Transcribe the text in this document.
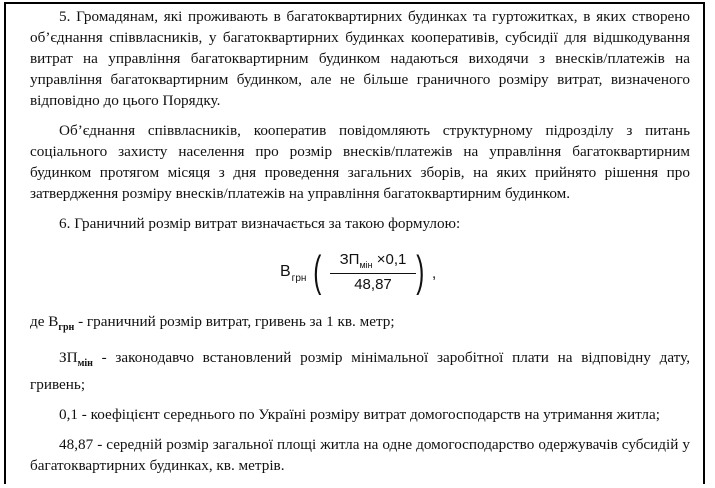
5. Громадянам, які проживають в багатоквартирних будинках та гуртожитках, в яких створено об’єднання співвласників, у багатоквартирних будинках кооперативів, субсидії для відшкодування витрат на управління багатоквартирним будинком надаються виходячи з внесків/платежів на управління багатоквартирним будинком, але не більше граничного розміру витрат, визначеного відповідно до цього Порядку.

Об’єднання співвласників, кооператив повідомляють структурному підрозділу з питань соціального захисту населення про розмір внесків/платежів на управління багатоквартирним будинком протягом місяця з дня проведення загальних зборів, на яких прийнято рішення про затвердження розміру внесків/платежів на управління багатоквартирним будинком.

6. Граничний розмір витрат визначається за такою формулою:

$В_{грн}$ (	$ЗП_{мін} \times 0,1$
48,87 ) ,

де $В_{грн}$ - граничний розмір витрат, гривень за 1 кв. метр;

$ЗП_{мін}$ - законодавчо встановлений розмір мінімальної заробітної плати на відповідну дату, гривень;

0,1 - коефіцієнт середнього по Україні розміру витрат домогосподарств на утримання житла;

48,87 - середній розмір загальної площі житла на одне домогосподарство одержувачів субсидій у багатоквартирних будинках, кв. метрів.
